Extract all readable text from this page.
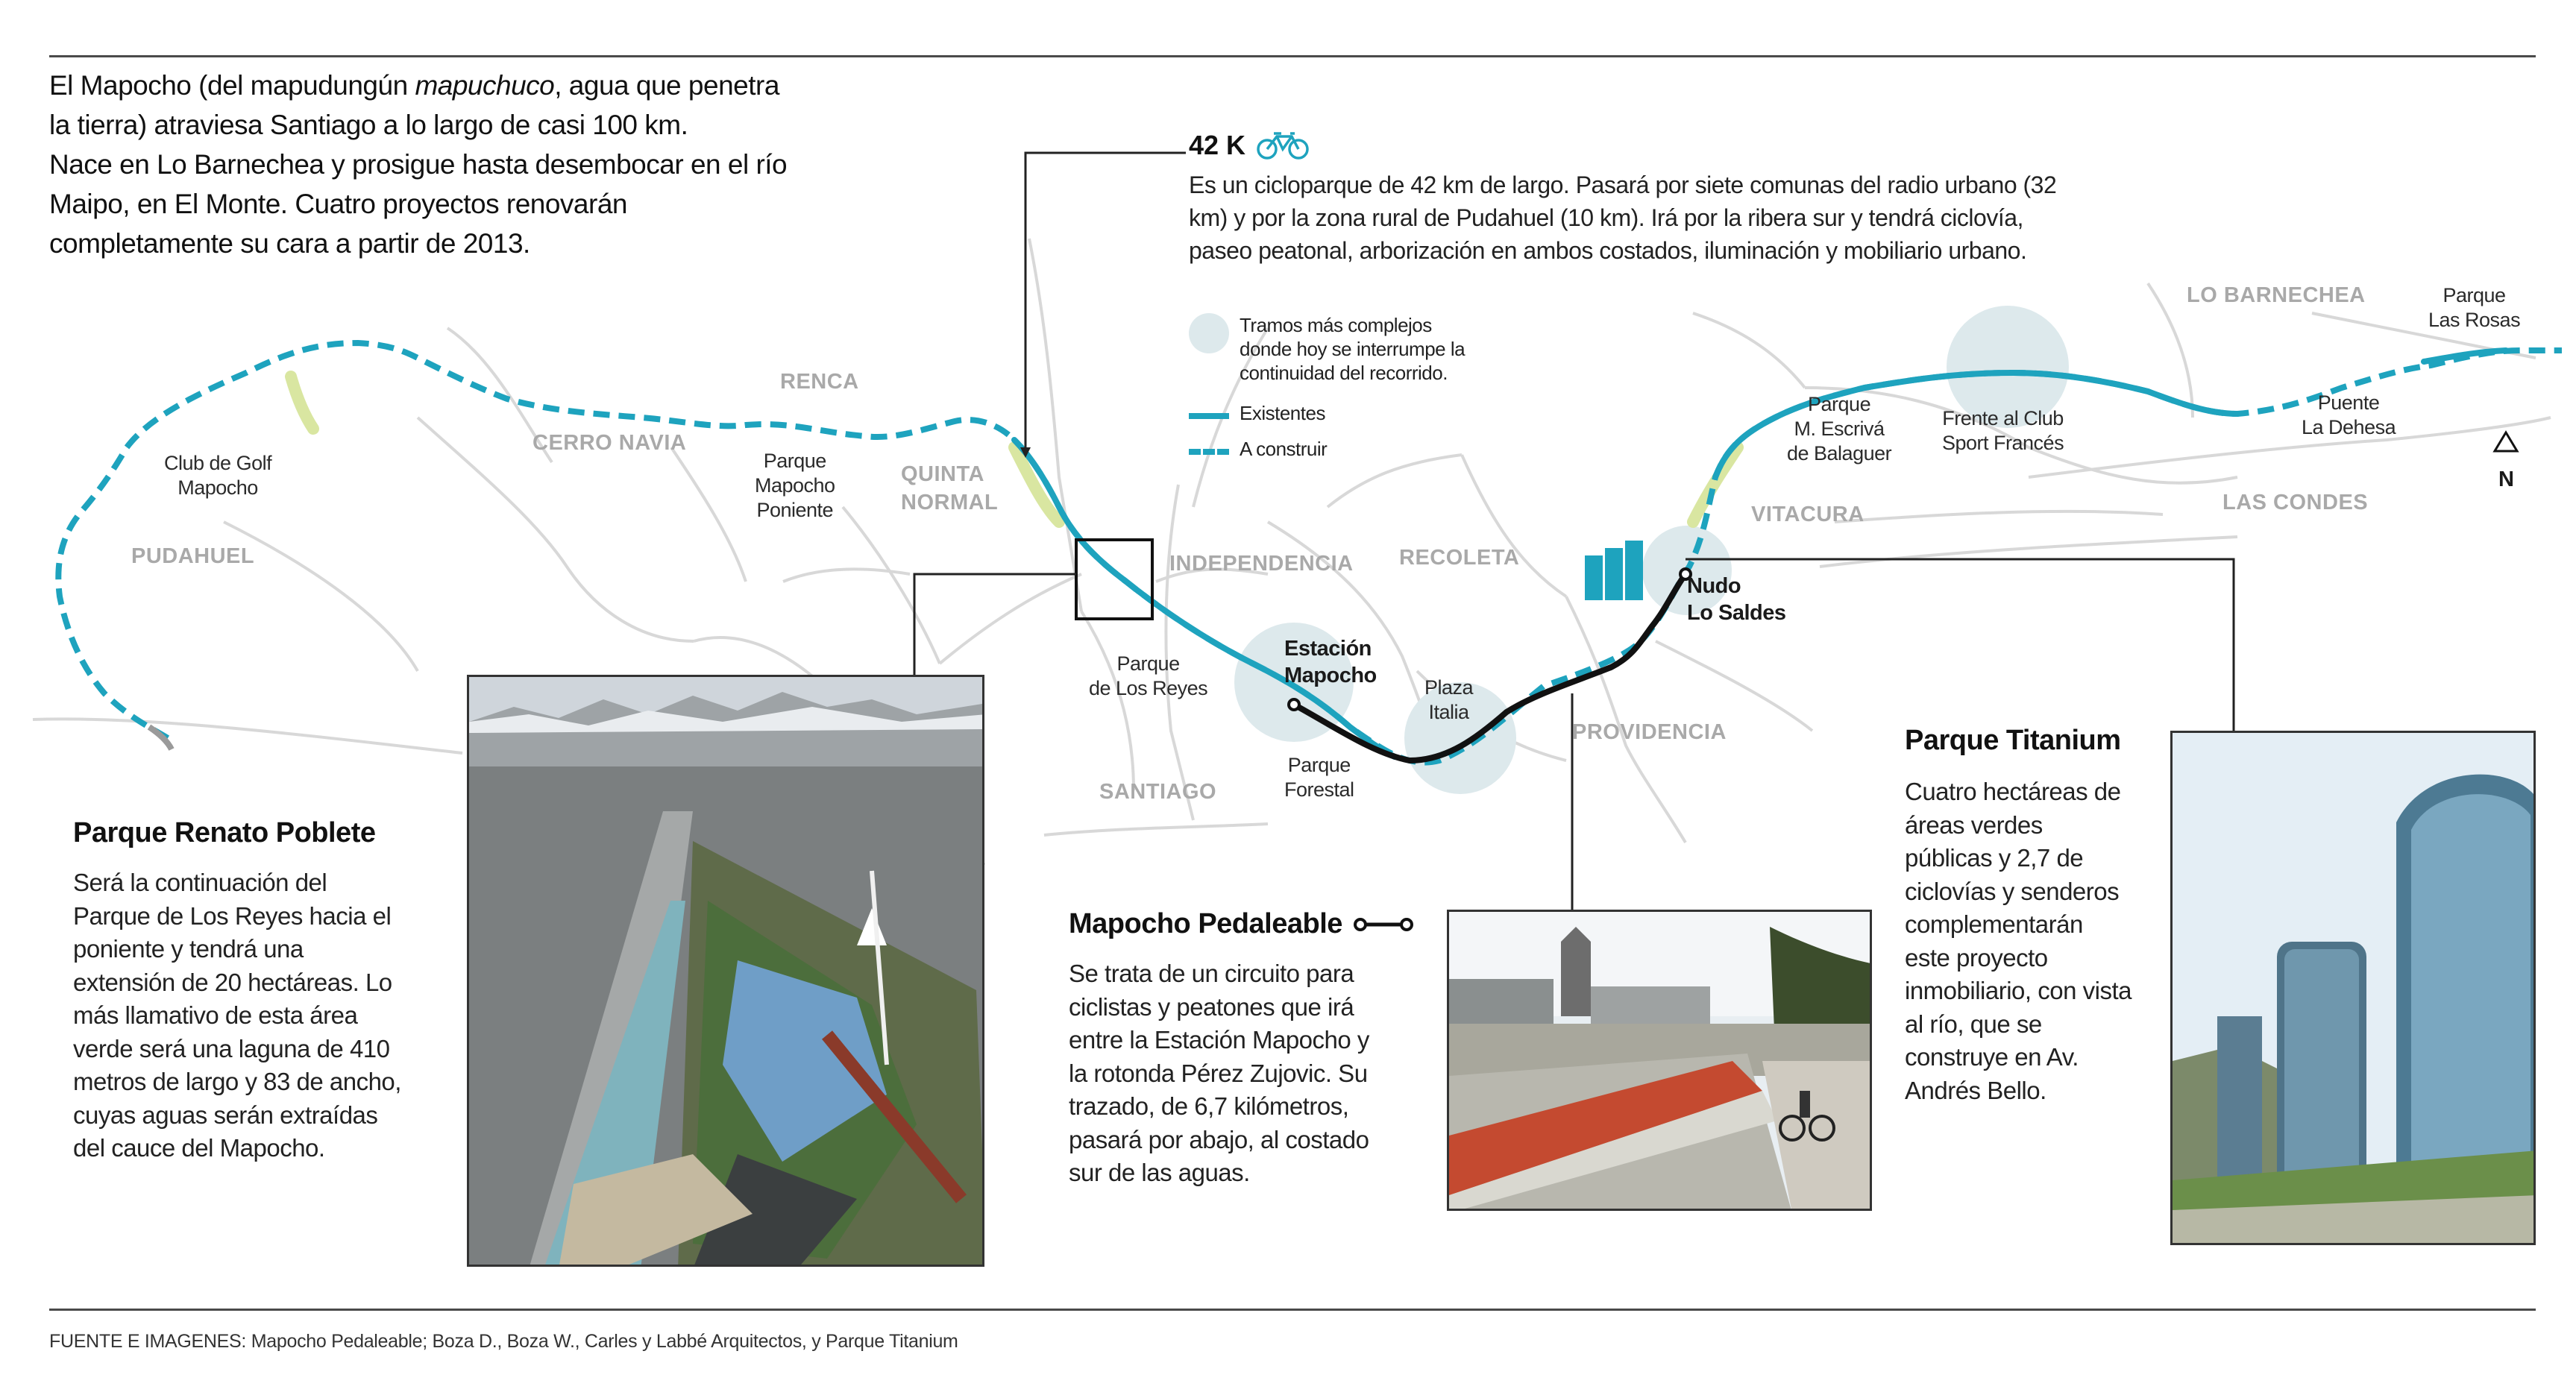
El Mapocho (del mapudungún mapuchuco, agua que penetra
la tierra) atraviesa Santiago a lo largo de casi 100 km.
Nace en Lo Barnechea y prosigue hasta desembocar en el río
Maipo, en El Monte. Cuatro proyectos renovarán
completamente su cara a partir de 2013.
42 K
Es un cicloparque de 42 km de largo. Pasará por siete comunas del radio urbano (32 km) y por la zona rural de Pudahuel (10 km). Irá por la ribera sur y tendrá ciclovía, paseo peatonal, arborización en ambos costados, iluminación y mobiliario urbano.
Tramos más complejos
donde hoy se interrumpe la
continuidad del recorrido.
Existentes
A construir
PUDAHUEL
CERRO NAVIA
RENCA
QUINTA
NORMAL
INDEPENDENCIA RECOLETA
SANTIAGO
PROVIDENCIA
VITACURA	LAS CONDES
LO BARNECHEA
Club de Golf
Mapocho
Parque
Mapocho
Poniente
Parque
de Los Reyes
Estación
Mapocho
Parque
Forestal
Plaza
Italia
Nudo
Lo Saldes
Parque
M. Escrivá
de Balaguer
Frente al Club
Sport Francés
Puente
La Dehesa
Parque
Las Rosas
N
Parque Renato Poblete
Será la continuación del
Parque de Los Reyes hacia el
poniente y tendrá una
extensión de 20 hectáreas. Lo
más llamativo de esta área
verde será una laguna de 410
metros de largo y 83 de ancho,
cuyas aguas serán extraídas
del cauce del Mapocho.
Mapocho Pedaleable
Se trata de un circuito para
ciclistas y peatones que irá
entre la Estación Mapocho y
la rotonda Pérez Zujovic. Su
trazado, de 6,7 kilómetros,
pasará por abajo, al costado
sur de las aguas.
Parque Titanium
Cuatro hectáreas de
áreas verdes
públicas y 2,7 de
ciclovías y senderos
complementarán
este proyecto
inmobiliario, con vista
al río, que se
construye en Av.
Andrés Bello.
FUENTE E IMAGENES: Mapocho Pedaleable; Boza D., Boza W., Carles y Labbé Arquitectos, y Parque Titanium
